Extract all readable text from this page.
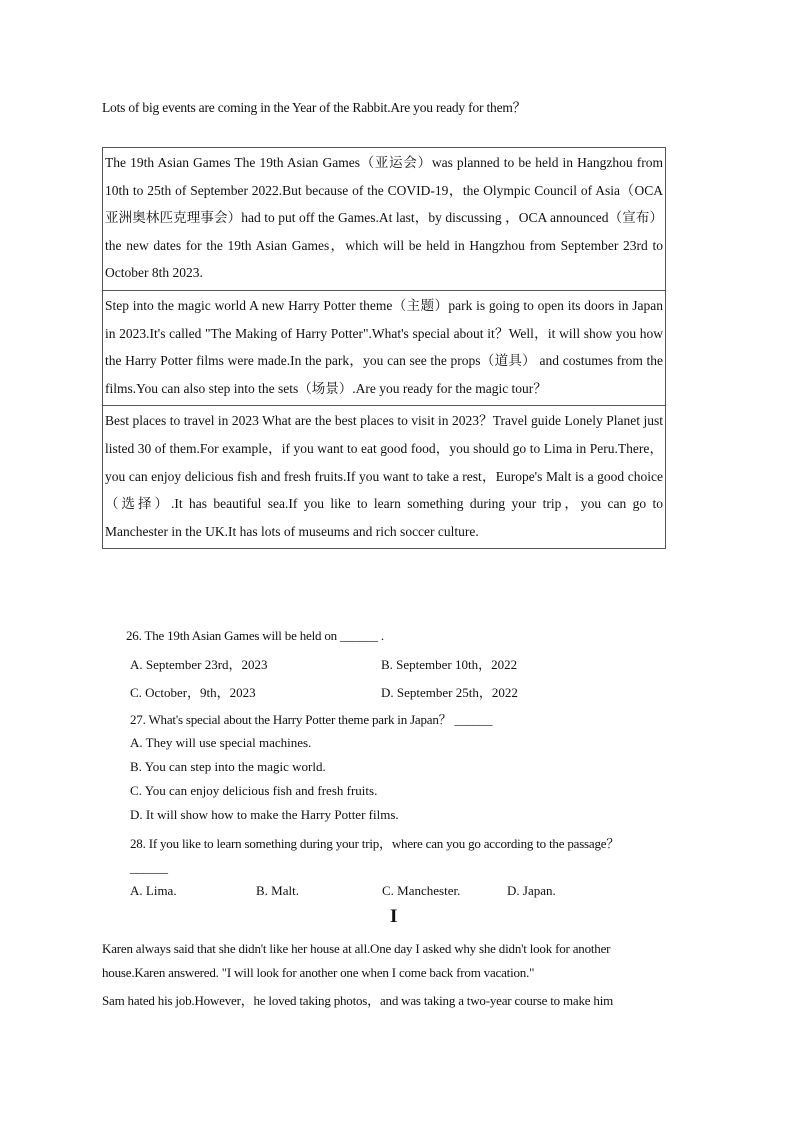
Lots of big events are coming in the Year of the Rabbit.Are you ready for them？
The 19th Asian Games The 19th Asian Games（亚运会）was planned to be held in Hangzhou from 10th to 25th of September 2022.But because of the COVID-19，the Olympic Council of Asia（OCA 亚洲奥林匹克理事会）had to put off the Games.At last，by discussing ，OCA announced（宣布） the new dates for the 19th Asian Games，which will be held in Hangzhou from September 23rd to October 8th 2023.
Step into the magic world A new Harry Potter theme（主题）park is going to open its doors in Japan in 2023.It's called "The Making of Harry Potter".What's special about it？Well，it will show you how the Harry Potter films were made.In the park，you can see the props（道具） and costumes from the films.You can also step into the sets（场景）.Are you ready for the magic tour？
Best places to travel in 2023 What are the best places to visit in 2023？Travel guide Lonely Planet just listed 30 of them.For example，if you want to eat good food，you should go to Lima in Peru.There，you can enjoy delicious fish and fresh fruits.If you want to take a rest，Europe's Malt is a good choice （选择）.It has beautiful sea.If you like to learn something during your trip，you can go to Manchester in the UK.It has lots of museums and rich soccer culture.
26. The 19th Asian Games will be held on ______ .
A. September 23rd，2023	B. September 10th，2022
C. October，9th，2023	D. September 25th，2022
27. What's special about the Harry Potter theme park in Japan？ ______
A. They will use special machines.
B. You can step into the magic world.
C. You can enjoy delicious fish and fresh fruits.
D. It will show how to make the Harry Potter films.
28. If you like to learn something during your trip，where can you go according to the passage？
______
A. Lima.	B. Malt.	C. Manchester.	D. Japan.
I
Karen always said that she didn't like her house at all.One day I asked why she didn't look for another
house.Karen answered. "I will look for another one when I come back from vacation."
Sam hated his job.However，he loved taking photos，and was taking a two-year course to make him
